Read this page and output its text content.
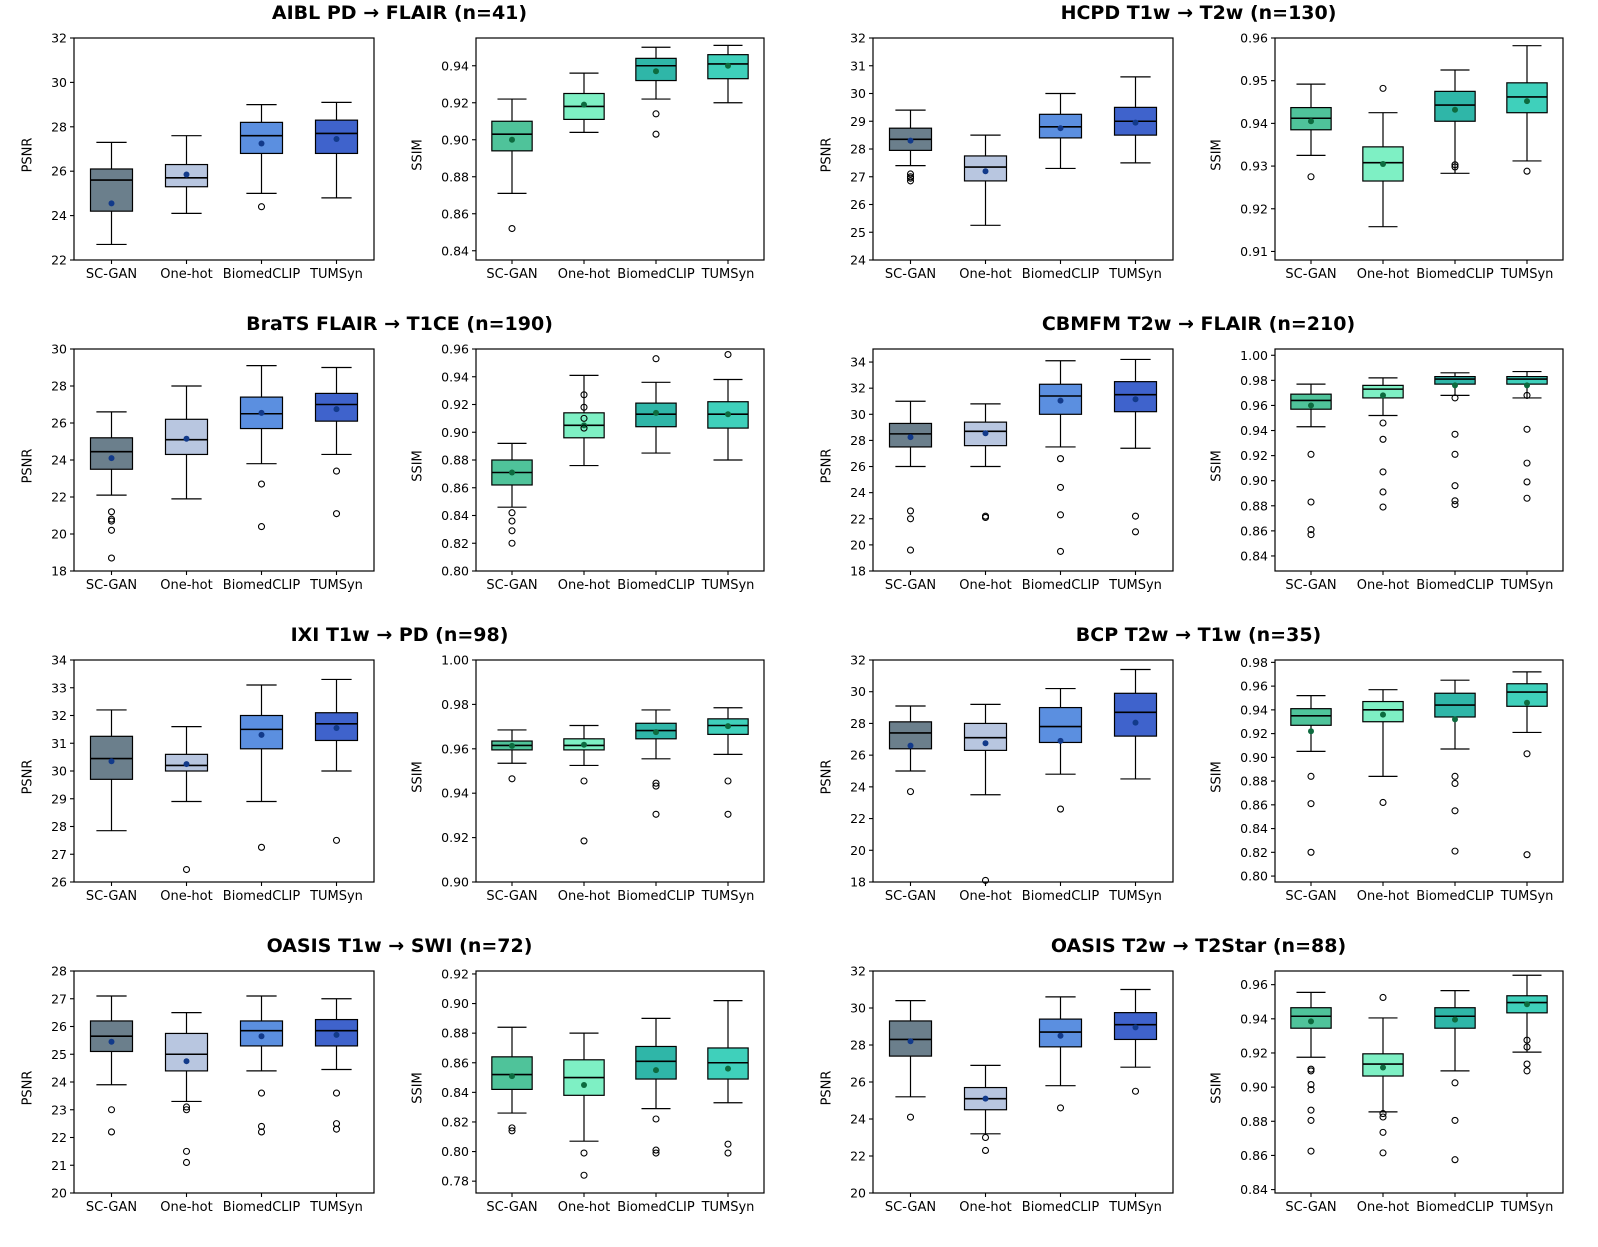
AIBL PD → FLAIR (n=41)
PSNR
22
24
26
28
30
32
SC-GAN One-hot BiomedCLIP TUMSyn
SSIM
0.84
0.86
0.88
0.90
0.92
0.94
SC-GAN One-hot BiomedCLIP TUMSyn
HCPD T1w → T2w (n=130)
PSNR
24
25
26
27
28
29
30
31
32
SC-GAN One-hot BiomedCLIP TUMSyn
SSIM
0.91
0.92
0.93
0.94
0.95
0.96
SC-GAN One-hot BiomedCLIP TUMSyn
BraTS FLAIR → T1CE (n=190)
PSNR
18
20
22
24
26
28
30
SC-GAN One-hot BiomedCLIP TUMSyn
SSIM
0.80
0.82
0.84
0.86
0.88
0.90
0.92
0.94
0.96
SC-GAN One-hot BiomedCLIP TUMSyn
CBMFM T2w → FLAIR (n=210)
PSNR
18
20
22
24
26
28
30
32
34
SC-GAN One-hot BiomedCLIP TUMSyn
SSIM
0.84
0.86
0.88
0.90
0.92
0.94
0.96
0.98
1.00
SC-GAN One-hot BiomedCLIP TUMSyn
IXI T1w → PD (n=98)
PSNR
26
27
28
29
30
31
32
33
34
SC-GAN One-hot BiomedCLIP TUMSyn
SSIM
0.90
0.92
0.94
0.96
0.98
1.00
SC-GAN One-hot BiomedCLIP TUMSyn
BCP T2w → T1w (n=35)
PSNR
18
20
22
24
26
28
30
32
SC-GAN One-hot BiomedCLIP TUMSyn
SSIM
0.80
0.82
0.84
0.86
0.88
0.90
0.92
0.94
0.96
0.98
SC-GAN One-hot BiomedCLIP TUMSyn
OASIS T1w → SWI (n=72)
PSNR
20
21
22
23
24
25
26
27
28
SC-GAN One-hot BiomedCLIP TUMSyn
SSIM
0.78
0.80
0.82
0.84
0.86
0.88
0.90
0.92
SC-GAN One-hot BiomedCLIP TUMSyn
OASIS T2w → T2Star (n=88)
PSNR
20
22
24
26
28
30
32
SC-GAN One-hot BiomedCLIP TUMSyn
SSIM
0.84
0.86
0.88
0.90
0.92
0.94
0.96
SC-GAN One-hot BiomedCLIP TUMSyn
